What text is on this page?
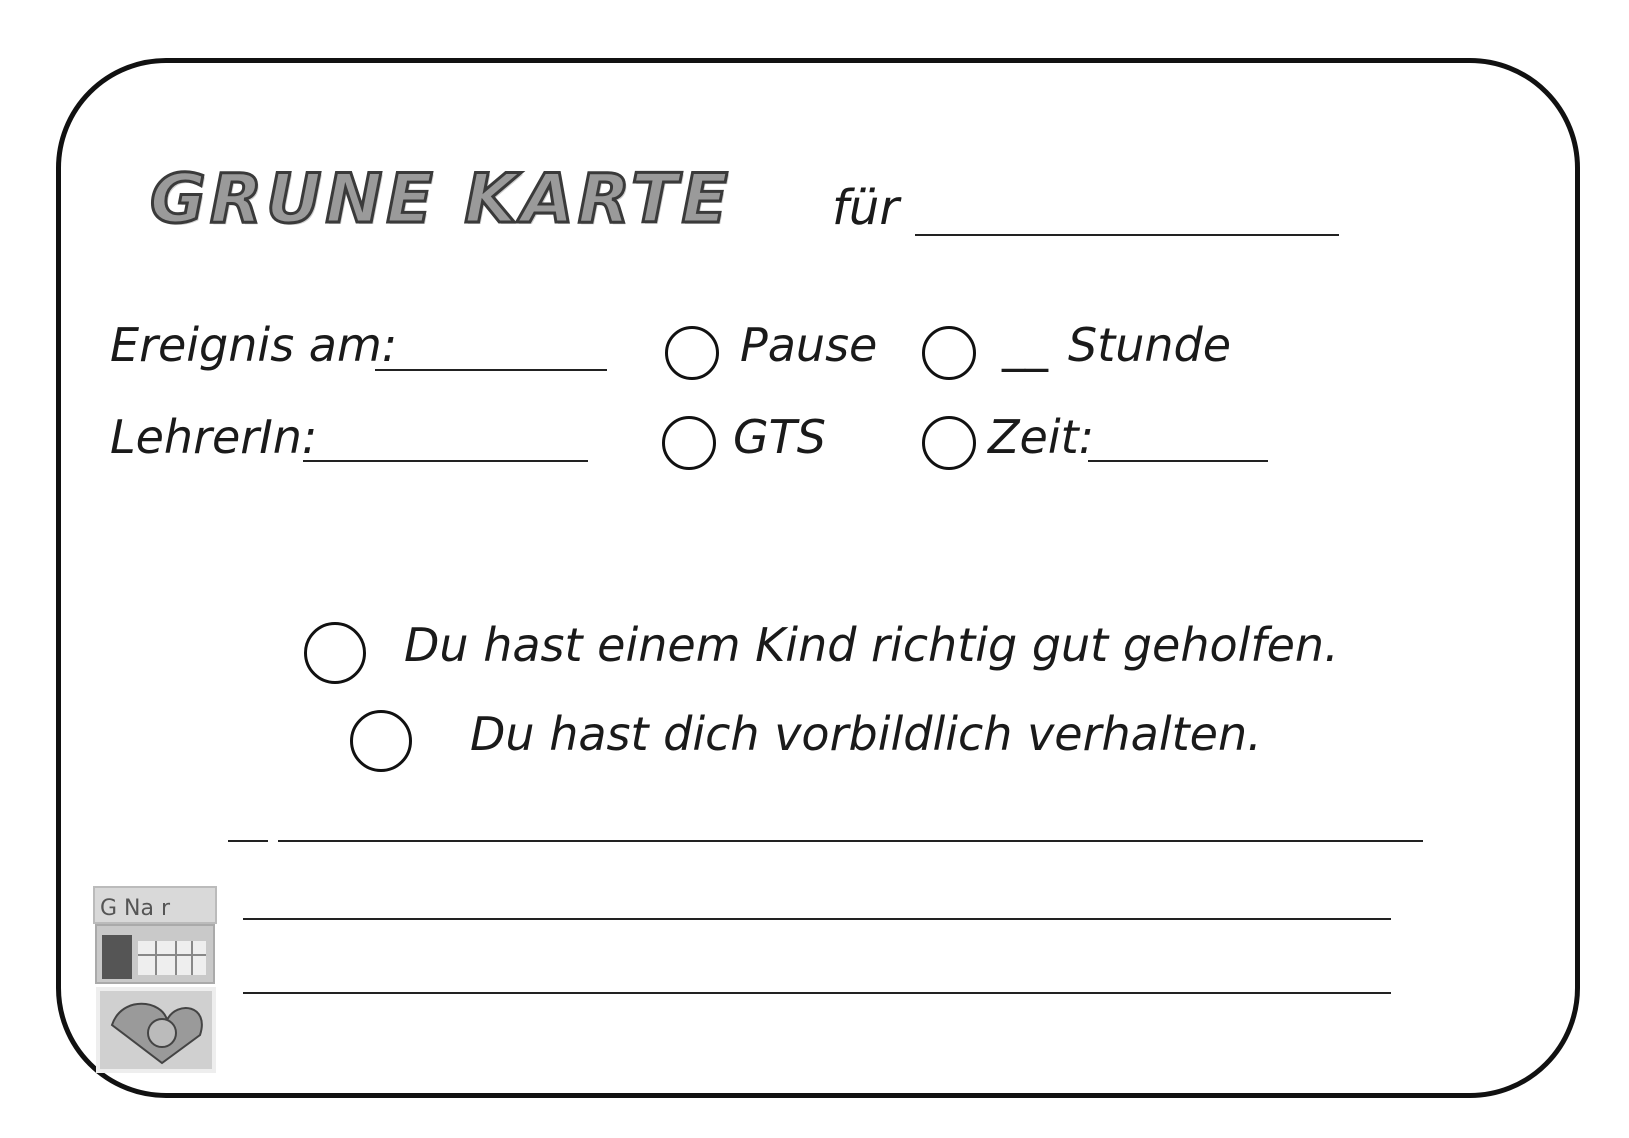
GRUNE KARTE für
Ereignis am:	Pause	__ Stunde
LehrerIn:	GTS	Zeit:
Du hast einem Kind richtig gut geholfen.
Du hast dich vorbildlich verhalten.
G Na r
